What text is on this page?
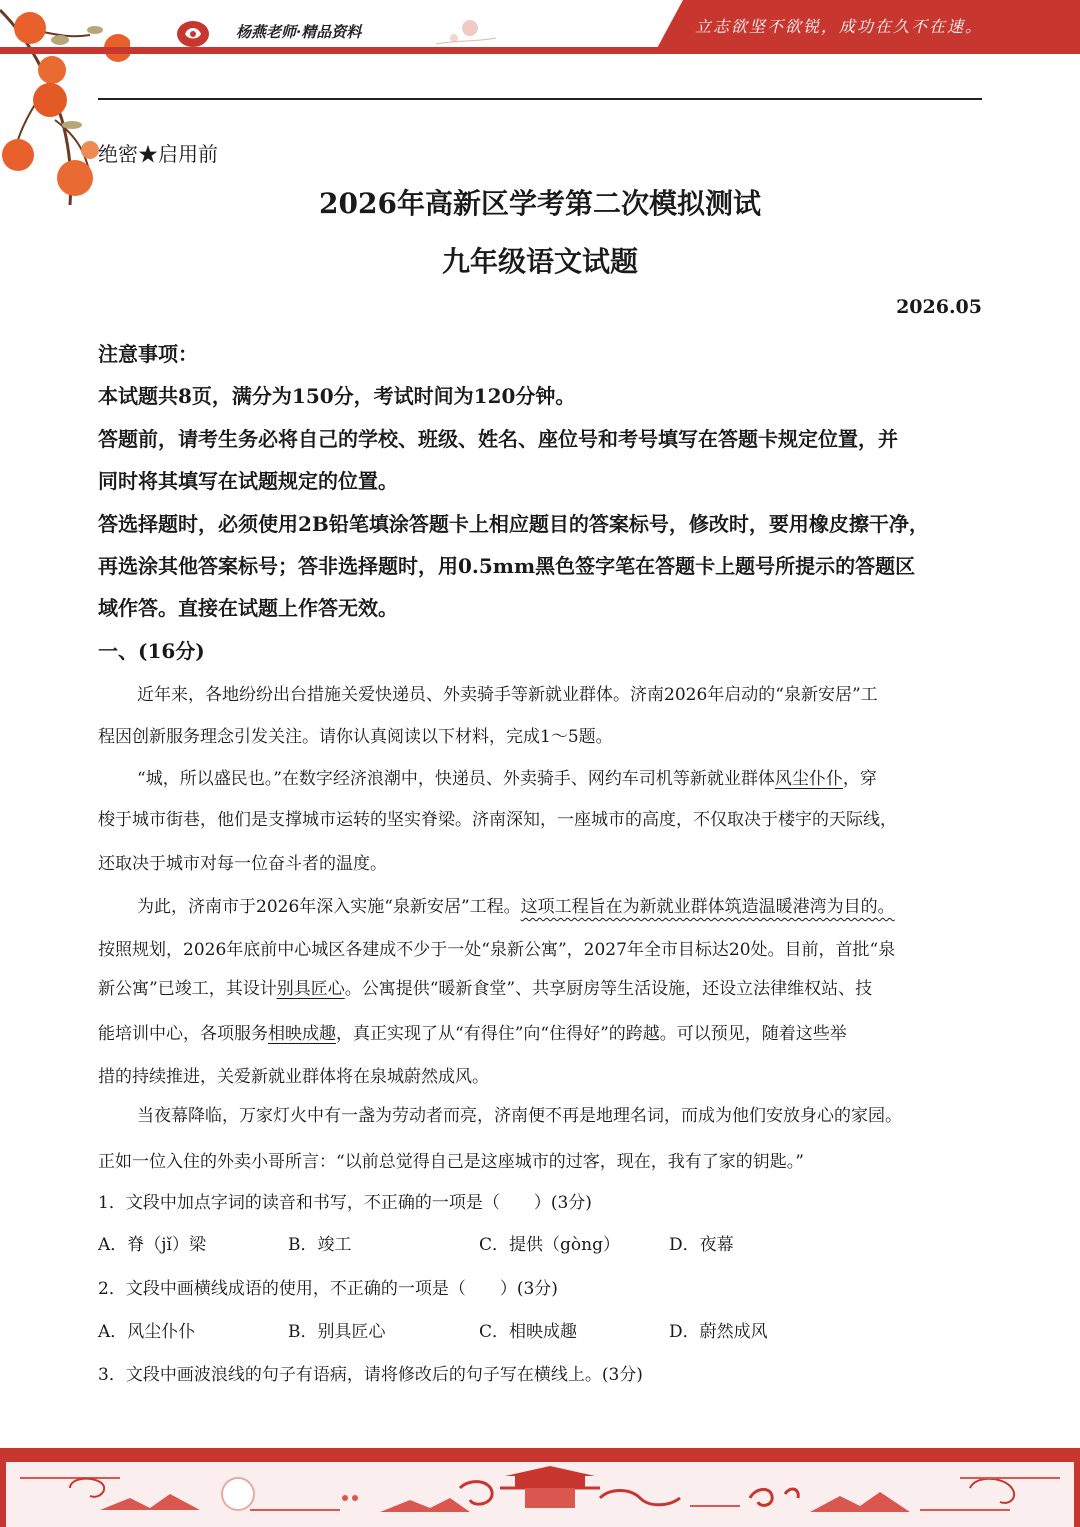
立志欲坚不欲锐，成功在久不在速。
杨燕老师·精品资料
绝密★启用前
2026年高新区学考第二次模拟测试
九年级语文试题
2026.05
注意事项：
本试题共8页，满分为150分，考试时间为120分钟。
答题前，请考生务必将自己的学校、班级、姓名、座位号和考号填写在答题卡规定位置，并
同时将其填写在试题规定的位置。
答选择题时，必须使用2B铅笔填涂答题卡上相应题目的答案标号，修改时，要用橡皮擦干净，
再选涂其他答案标号；答非选择题时，用0.5mm黑色签字笔在答题卡上题号所提示的答题区
域作答。直接在试题上作答无效。
一、(16分)
近年来，各地纷纷出台措施关爱快递员、外卖骑手等新就业群体。济南2026年启动的“泉新安居”工
程因创新服务理念引发关注。请你认真阅读以下材料，完成1～5题。
“城，所以盛民也。”在数字经济浪潮中，快递员、外卖骑手、网约车司机等新就业群体风尘仆仆，穿
梭于城市街巷，他们是支撑城市运转的坚实脊梁。济南深知，一座城市的高度，不仅取决于楼宇的天际线，
还取决于城市对每一位奋斗者的温度。
为此，济南市于2026年深入实施“泉新安居”工程。这项工程旨在为新就业群体筑造温暖港湾为目的。
按照规划，2026年底前中心城区各建成不少于一处“泉新公寓”，2027年全市目标达20处。目前，首批“泉
新公寓”已竣工，其设计别具匠心。公寓提供“暖新食堂”、共享厨房等生活设施，还设立法律维权站、技
能培训中心，各项服务相映成趣，真正实现了从“有得住”向“住得好”的跨越。可以预见，随着这些举
措的持续推进，关爱新就业群体将在泉城蔚然成风。
当夜幕降临，万家灯火中有一盏为劳动者而亮，济南便不再是地理名词，而成为他们安放身心的家园。
正如一位入住的外卖小哥所言：“以前总觉得自己是这座城市的过客，现在，我有了家的钥匙。”
1．文段中加点字词的读音和书写，不正确的一项是（　　）(3分)
A．脊（jǐ）梁	B．竣工	C．提供（gòng）	D．夜幕
2．文段中画横线成语的使用，不正确的一项是（　　）(3分)
A．风尘仆仆	B．别具匠心	C．相映成趣	D．蔚然成风
3．文段中画波浪线的句子有语病，请将修改后的句子写在横线上。(3分)
